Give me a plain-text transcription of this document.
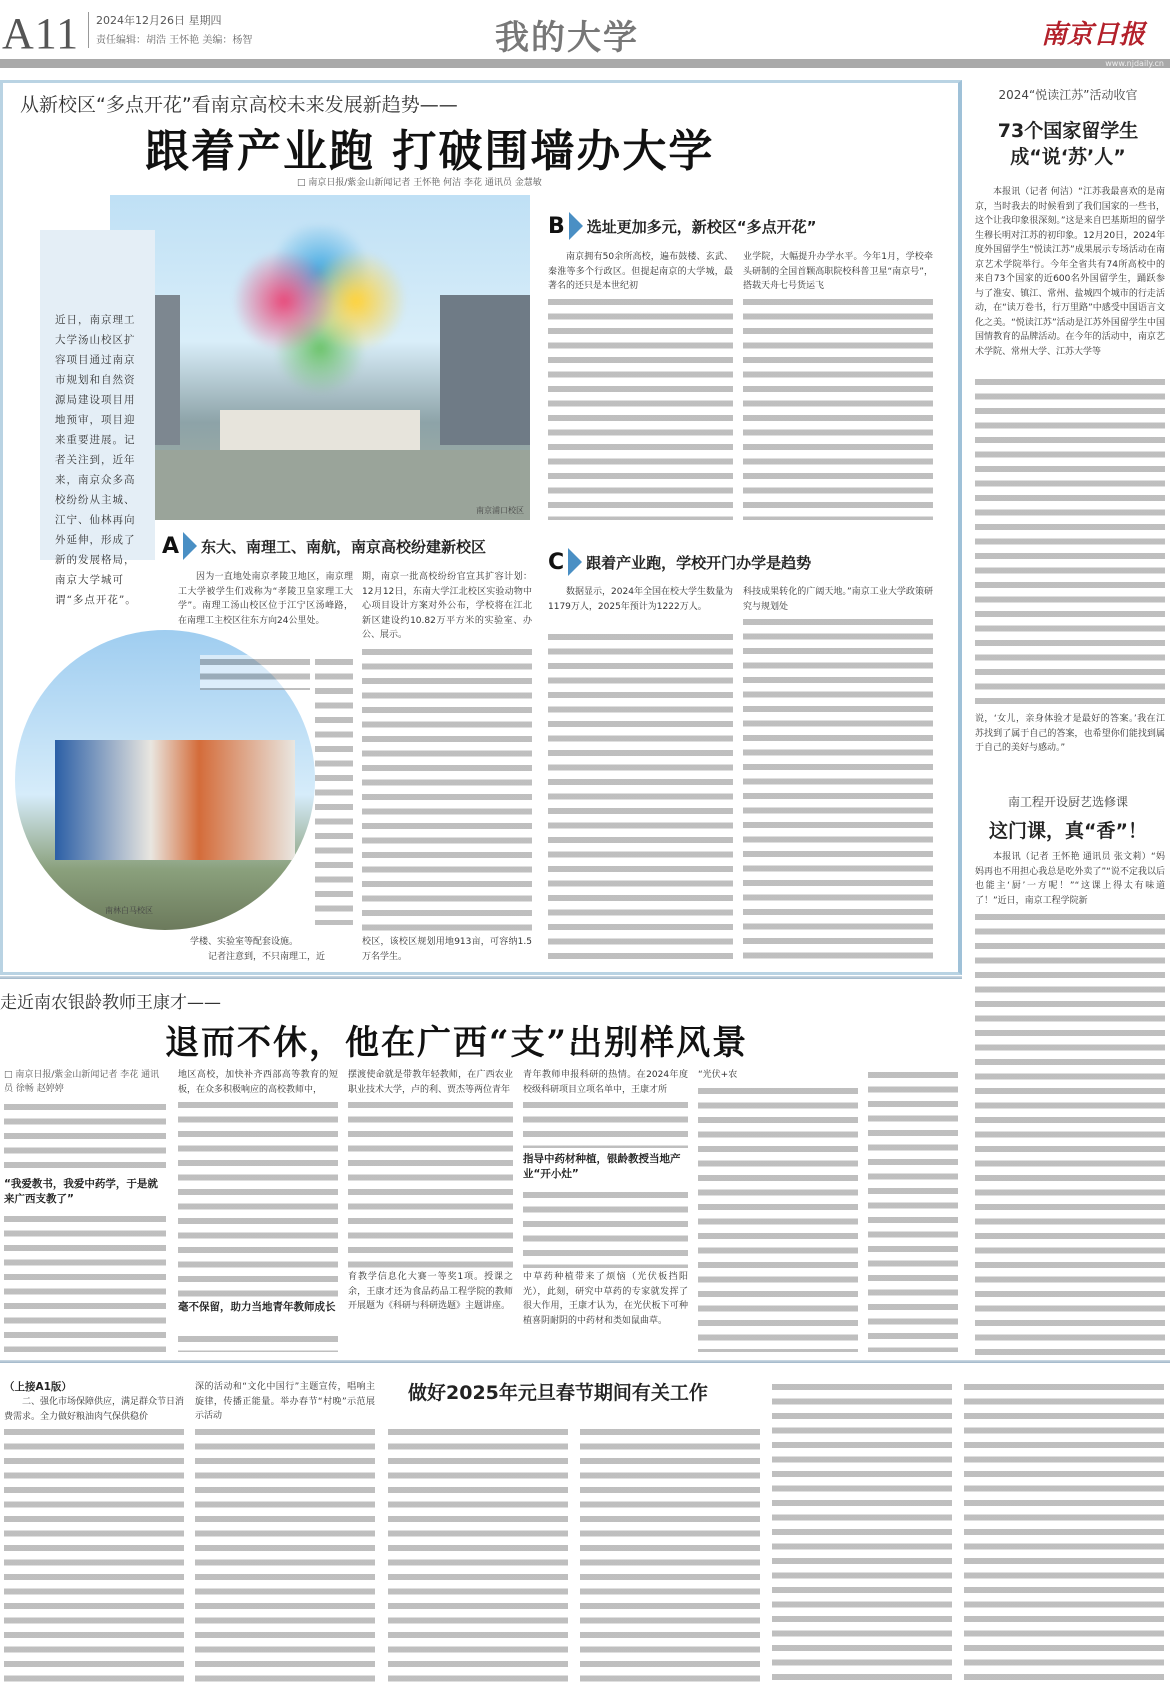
A11 2024年12月26日 星期四
责任编辑：胡浩 王怀艳 美编：杨智	我的大学	南京日报
www.njdaily.cn
从新校区“多点开花”看南京高校未来发展新趋势——
跟着产业跑 打破围墙办大学
□ 南京日报/紫金山新闻记者 王怀艳 何洁 李花 通讯员 金慧敏
南京浦口校区
近日，南京理工大学汤山校区扩容项目通过南京市规划和自然资源局建设项目用地预审，项目迎来重要进展。记者关注到，近年来，南京众多高校纷纷从主城、江宁、仙林再向外延伸，形成了新的发展格局，南京大学城可谓“多点开花”。
南林白马校区
A 东大、南理工、南航，南京高校纷建新校区
因为一直地处南京孝陵卫地区，南京理工大学被学生们戏称为“孝陵卫皇家理工大学”。南理工汤山校区位于江宁区汤峰路，在南理工主校区往东方向24公里处。
学楼、实验室等配套设施。
记者注意到，不只南理工，近
期，南京一批高校纷纷官宣其扩容计划：12月12日，东南大学江北校区实验动物中心项目设计方案对外公布，学校将在江北新区建设约10.82万平方米的实验室、办公、展示。
校区，该校区规划用地913亩，可容纳1.5万名学生。
B 选址更加多元，新校区“多点开花”
南京拥有50余所高校，遍布鼓楼、玄武、秦淮等多个行政区。但提起南京的大学城，最著名的还只是本世纪初
业学院，大幅提升办学水平。今年1月，学校牵头研制的全国首颗高职院校科普卫星“南京号”，搭载天舟七号货运飞
C 跟着产业跑，学校开门办学是趋势
数据显示，2024年全国在校大学生数量为1179万人，2025年预计为1222万人。
科技成果转化的广阔天地。”南京工业大学政策研究与规划处
2024“悦读江苏”活动收官
73个国家留学生成“说‘苏’人”
本报讯（记者 何洁）“江苏我最喜欢的是南京，当时我去的时候看到了我们国家的一些书，这个让我印象很深刻。”这是来自巴基斯坦的留学生穆长明对江苏的初印象。12月20日，2024年度外国留学生“悦读江苏”成果展示专场活动在南京艺术学院举行。今年全省共有74所高校中的来自73个国家的近600名外国留学生，踊跃参与了淮安、镇江、常州、盐城四个城市的行走活动，在“读万卷书，行万里路”中感受中国语言文化之美。“悦读江苏”活动是江苏外国留学生中国国情教育的品牌活动。在今年的活动中，南京艺术学院、常州大学、江苏大学等
说，‘女儿，亲身体验才是最好的答案。’我在江苏找到了属于自己的答案，也希望你们能找到属于自己的美好与感动。”
南工程开设厨艺选修课
这门课，真“香”！
本报讯（记者 王怀艳 通讯员 张文莉）“妈妈再也不用担心我总是吃外卖了”“说不定我以后也能主‘厨’一方呢！”“这课上得太有味道了！”近日，南京工程学院新
走近南农银龄教师王康才——
退而不休，他在广西“支”出别样风景
□ 南京日报/紫金山新闻记者 李花 通讯员 徐畅 赵婷婷
“我爱教书，我爱中药学，于是就来广西支教了”
地区高校，加快补齐西部高等教育的短板，在众多积极响应的高校教师中，
毫不保留，助力当地青年教师成长
摆渡使命就是带教年轻教师，在广西农业职业技术大学，卢的利、贾杰等两位青年
育教学信息化大赛一等奖1项。授课之余，王康才还为食品药品工程学院的教师开展题为《科研与科研选题》主题讲座。
青年教师申报科研的热情。在2024年度校级科研项目立项名单中，王康才所
指导中药材种植，银龄教授当地产业“开小灶”
中草药种植带来了烦恼（光伏板挡阳光），此刻，研究中草药的专家就发挥了很大作用，王康才认为，在光伏板下可种植喜阴耐阴的中药材和类如鼠曲草。
“光伏+农
（上接A1版）
二、强化市场保障供应，满足群众节日消费需求。全力做好粮油肉气保供稳价
深的活动和“文化中国行”主题宣传，唱响主旋律，传播正能量。举办春节“村晚”示范展示活动
做好2025年元旦春节期间有关工作
